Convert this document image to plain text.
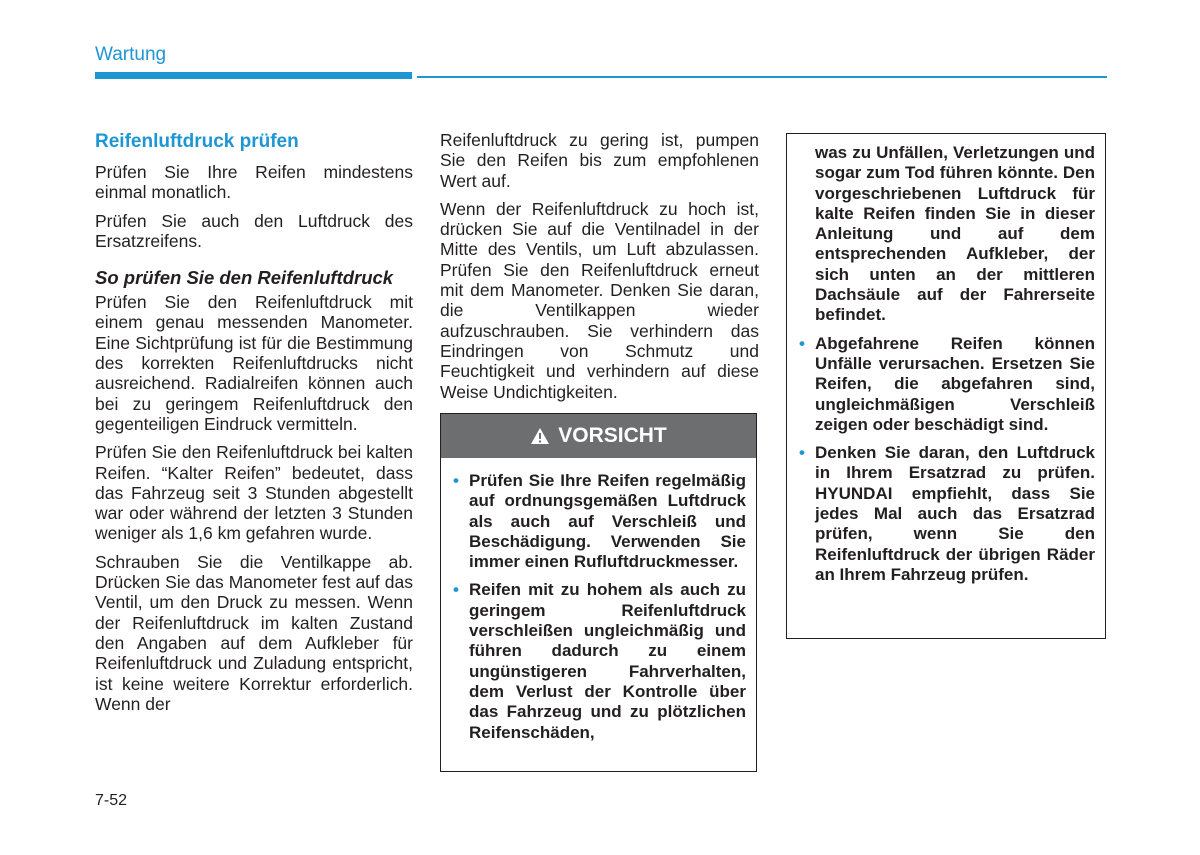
Wartung
Reifenluftdruck prüfen

Prüfen Sie Ihre Reifen mindestens einmal monatlich.

Prüfen Sie auch den Luftdruck des Ersatzreifens.

So prüfen Sie den Reifenluftdruck

Prüfen Sie den Reifenluftdruck mit einem genau messenden Manometer. Eine Sichtprüfung ist für die Bestimmung des korrekten Reifenluftdrucks nicht ausreichend. Radialreifen können auch bei zu geringem Reifenluftdruck den gegenteiligen Eindruck vermitteln.

Prüfen Sie den Reifenluftdruck bei kalten Reifen. “Kalter Reifen” bedeutet, dass das Fahrzeug seit 3 Stunden abgestellt war oder während der letzten 3 Stunden weniger als 1,6 km gefahren wurde.

Schrauben Sie die Ventilkappe ab. Drücken Sie das Manometer fest auf das Ventil, um den Druck zu messen. Wenn der Reifenluftdruck im kalten Zustand den Angaben auf dem Aufkleber für Reifenluftdruck und Zuladung entspricht, ist keine weitere Korrektur erforderlich. Wenn der

Reifenluftdruck zu gering ist, pumpen Sie den Reifen bis zum empfohlenen Wert auf.

Wenn der Reifenluftdruck zu hoch ist, drücken Sie auf die Ventilnadel in der Mitte des Ventils, um Luft abzulassen. Prüfen Sie den Reifenluftdruck erneut mit dem Manometer. Denken Sie daran, die Ventilkappen wieder aufzuschrauben. Sie verhindern das Eindringen von Schmutz und Feuchtigkeit und verhindern auf diese Weise Undichtigkeiten.

VORSICHT
• Prüfen Sie Ihre Reifen regelmäßig auf ordnungsgemäßen Luftdruck als auch auf Verschleiß und Beschädigung. Verwenden Sie immer einen Rufluftdruckmesser.
• Reifen mit zu hohem als auch zu geringem Reifenluftdruck verschleißen ungleichmäßig und führen dadurch zu einem ungünstigeren Fahrverhalten, dem Verlust der Kontrolle über das Fahrzeug und zu plötzlichen Reifenschäden,
was zu Unfällen, Verletzungen und sogar zum Tod führen könnte. Den vorgeschriebenen Luftdruck für kalte Reifen finden Sie in dieser Anleitung und auf dem entsprechenden Aufkleber, der sich unten an der mittleren Dachsäule auf der Fahrerseite befindet.
• Abgefahrene Reifen können Unfälle verursachen. Ersetzen Sie Reifen, die abgefahren sind, ungleichmäßigen Verschleiß zeigen oder beschädigt sind.
• Denken Sie daran, den Luftdruck in Ihrem Ersatzrad zu prüfen. HYUNDAI empfiehlt, dass Sie jedes Mal auch das Ersatzrad prüfen, wenn Sie den Reifenluftdruck der übrigen Räder an Ihrem Fahrzeug prüfen.
7-52
